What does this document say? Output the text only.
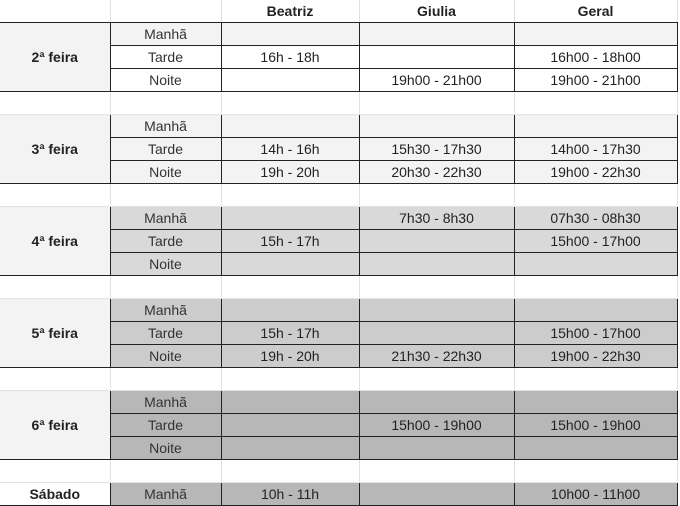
		Beatriz	Giulia	Geral
2ª feira	Manhã			
	Tarde	16h - 18h		16h00 - 18h00
	Noite		19h00 - 21h00	19h00 - 21h00

3ª feira	Manhã			
	Tarde	14h - 16h	15h30 - 17h30	14h00 - 17h30
	Noite	19h - 20h	20h30 - 22h30	19h00 - 22h30

4ª feira	Manhã		7h30 - 8h30	07h30 - 08h30
	Tarde	15h - 17h		15h00 - 17h00
	Noite			

5ª feira	Manhã			
	Tarde	15h - 17h		15h00 - 17h00
	Noite	19h - 20h	21h30 - 22h30	19h00 - 22h30

6ª feira	Manhã			
	Tarde		15h00 - 19h00	15h00 - 19h00
	Noite			

Sábado	Manhã	10h - 11h		10h00 - 11h00
